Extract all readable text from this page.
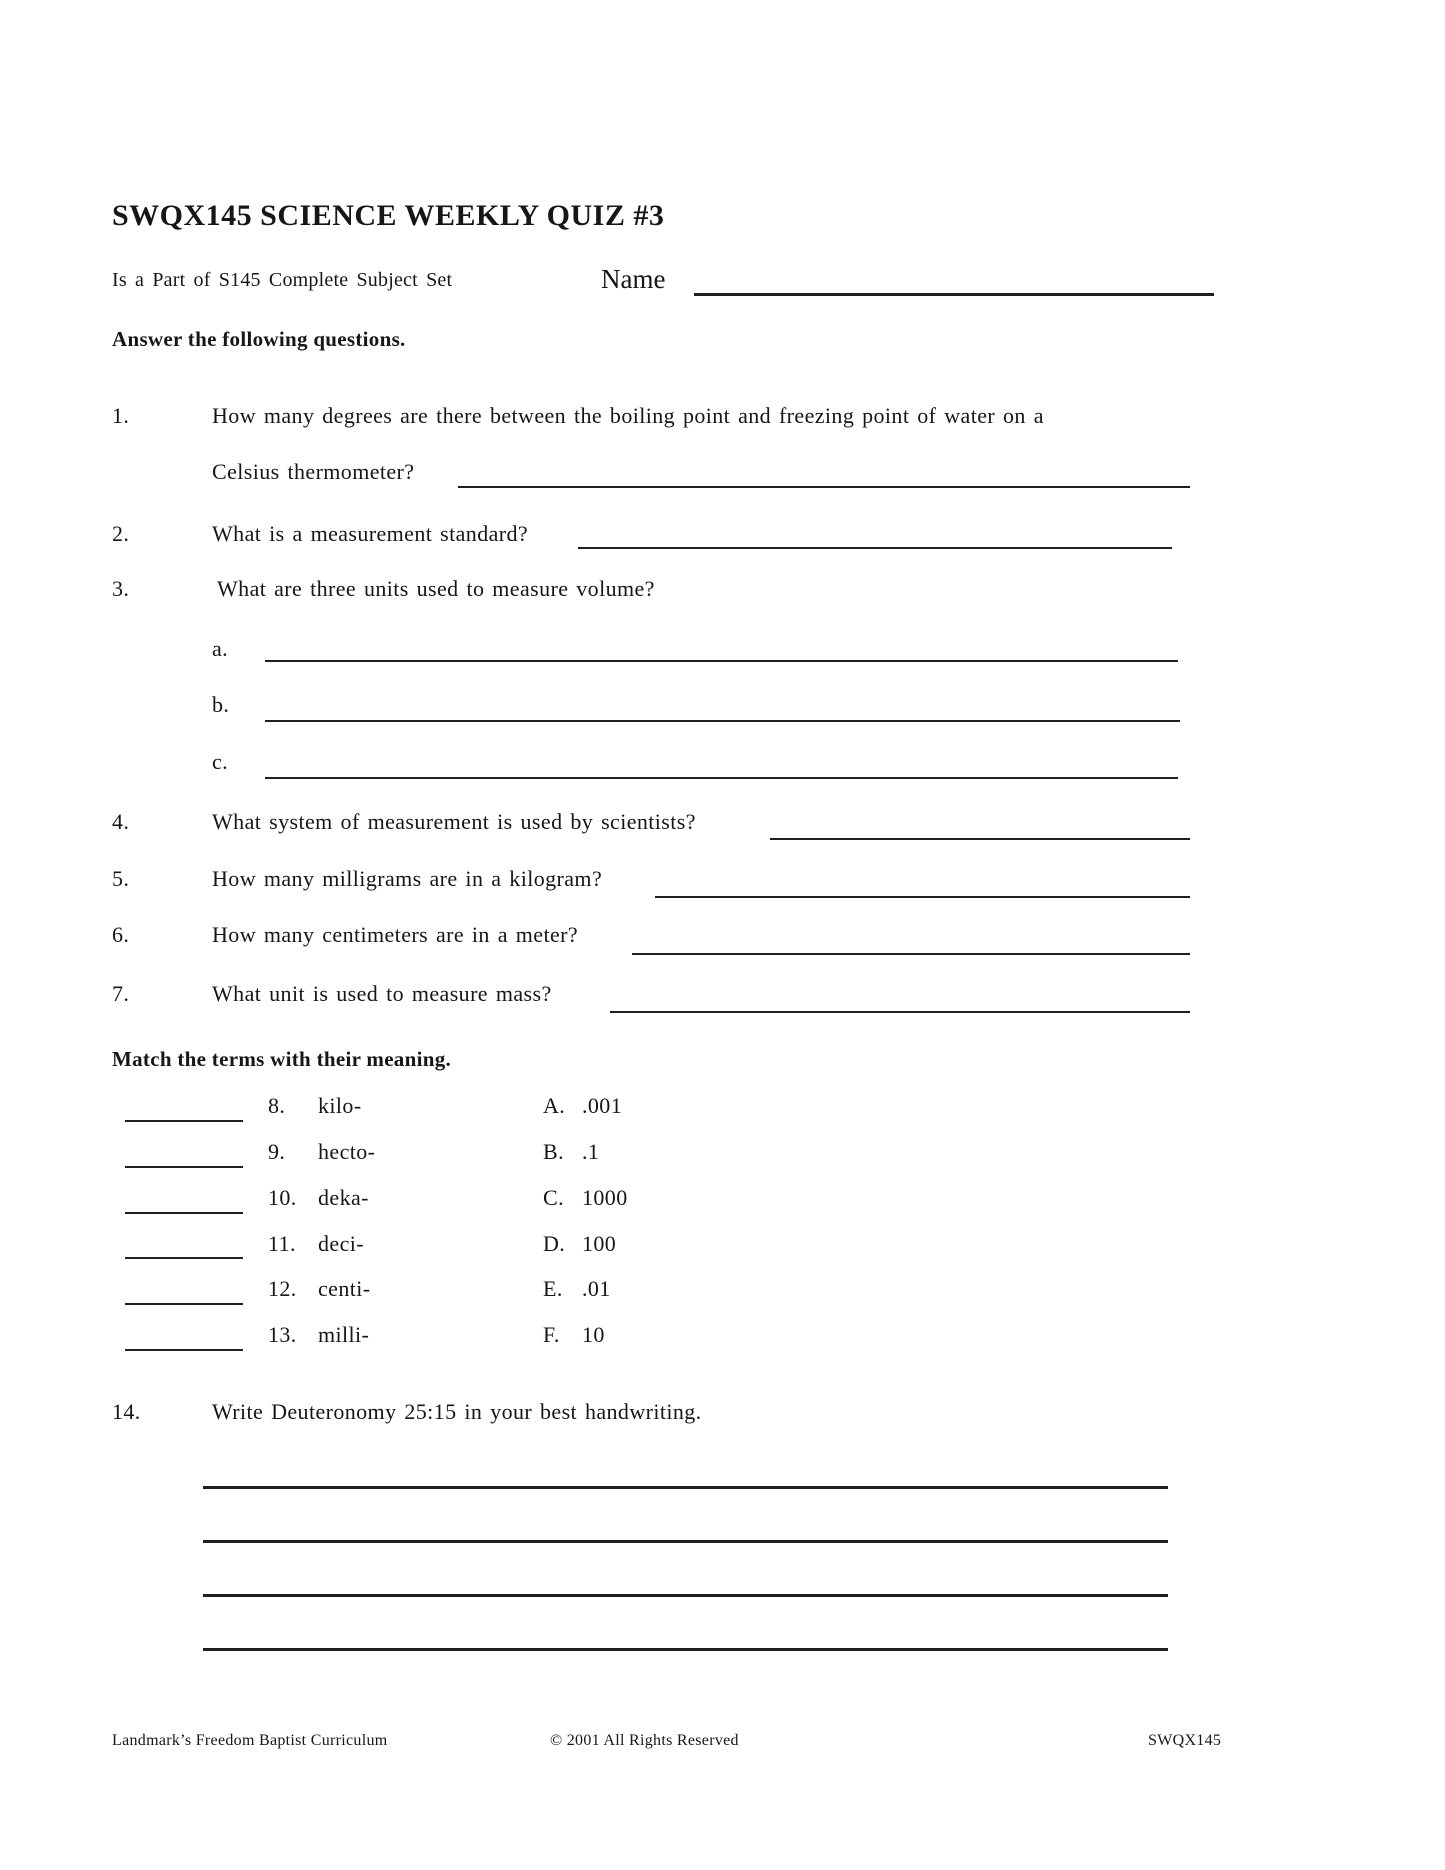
SWQX145 SCIENCE WEEKLY QUIZ #3
Is a Part of S145 Complete Subject Set	Name
Answer the following questions.
1.	How many degrees are there between the boiling point and freezing point of water on a
Celsius thermometer?
2.	What is a measurement standard?
3.	What are three units used to measure volume?
a.
b.
c.
4.	What system of measurement is used by scientists?
5.	How many milligrams are in a kilogram?
6.	How many centimeters are in a meter?
7.	What unit is used to measure mass?
Match the terms with their meaning.
8. kilo-	A. .001
9. hecto-	B. .1
10. deka-	C. 1000
11. deci-	D. 100
12. centi-	E. .01
13. milli-	F. 10
14.	Write Deuteronomy 25:15 in your best handwriting.
Landmark’s Freedom Baptist Curriculum	© 2001 All Rights Reserved	SWQX145
